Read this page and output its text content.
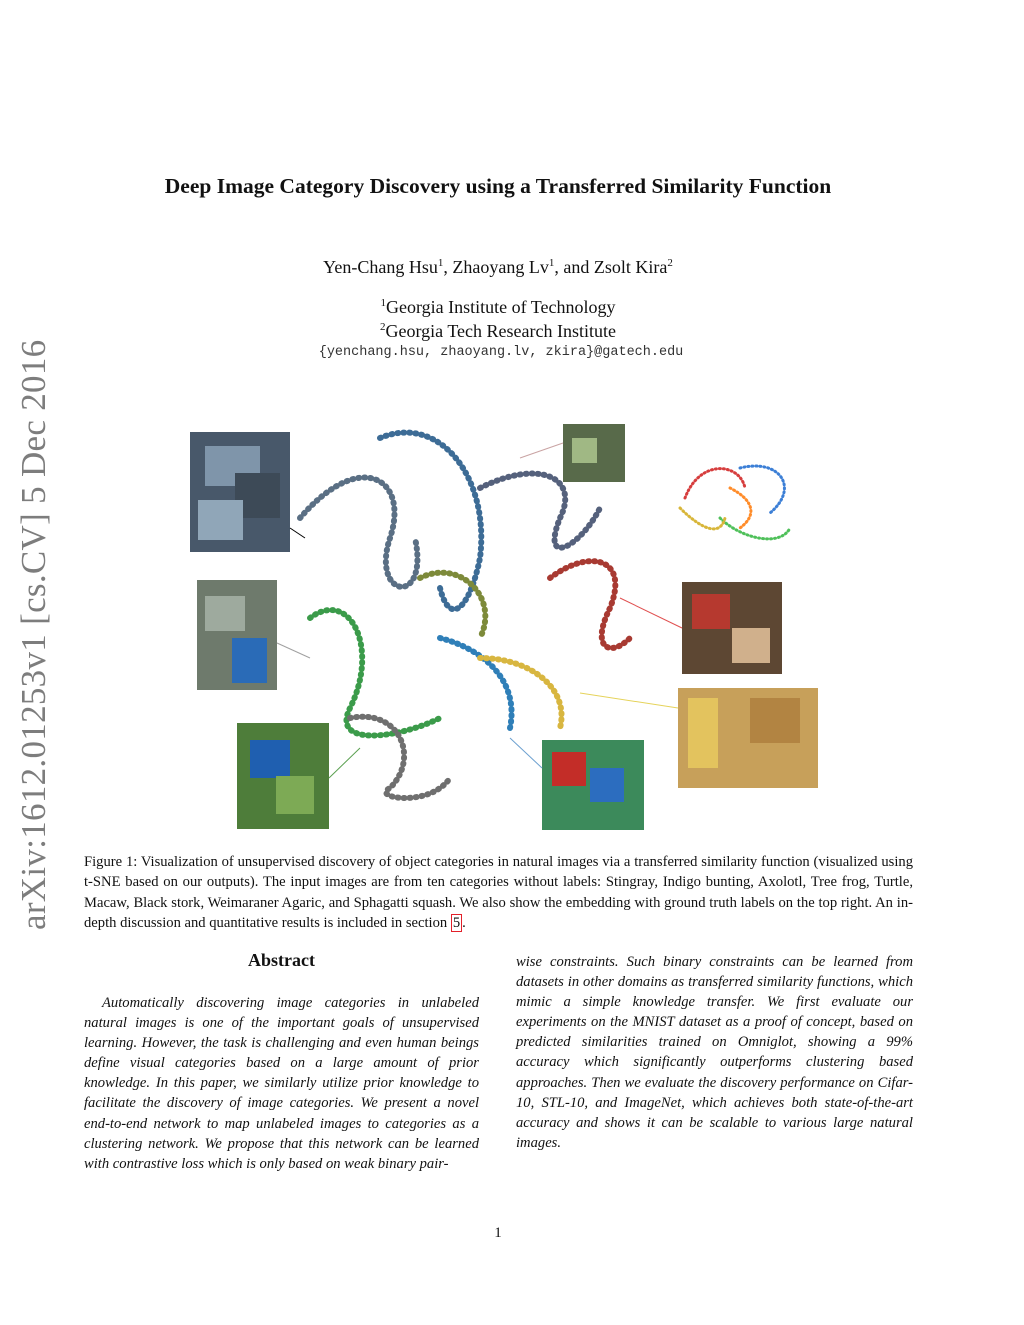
arXiv:1612.01253v1 [cs.CV] 5 Dec 2016
Deep Image Category Discovery using a Transferred Similarity Function
Yen-Chang Hsu$^1$, Zhaoyang Lv$^1$, and Zsolt Kira$^2$
$^1$Georgia Institute of Technology
$^2$Georgia Tech Research Institute
{yenchang.hsu, zhaoyang.lv, zkira}@gatech.edu
Figure 1: Visualization of unsupervised discovery of object categories in natural images via a transferred similarity function (visualized using t-SNE based on our outputs). The input images are from ten categories without labels: Stingray, Indigo bunting, Axolotl, Tree frog, Turtle, Macaw, Black stork, Weimaraner Agaric, and Sphagatti squash. We also show the embedding with ground truth labels on the top right. An in-depth discussion and quantitative results is included in section 5 .
Abstract
Automatically discovering image categories in unlabeled natural images is one of the important goals of unsupervised learning. However, the task is challenging and even human beings define visual categories based on a large amount of prior knowledge. In this paper, we similarly utilize prior knowledge to facilitate the discovery of image categories. We present a novel end-to-end network to map unlabeled images to categories as a clustering network. We propose that this network can be learned with contrastive loss which is only based on weak binary pair-
wise constraints. Such binary constraints can be learned from datasets in other domains as transferred similarity functions, which mimic a simple knowledge transfer. We first evaluate our experiments on the MNIST dataset as a proof of concept, based on predicted similarities trained on Omniglot, showing a 99% accuracy which significantly outperforms clustering based approaches. Then we evaluate the discovery performance on Cifar-10, STL-10, and ImageNet, which achieves both state-of-the-art accuracy and shows it can be scalable to various large natural images.
1
